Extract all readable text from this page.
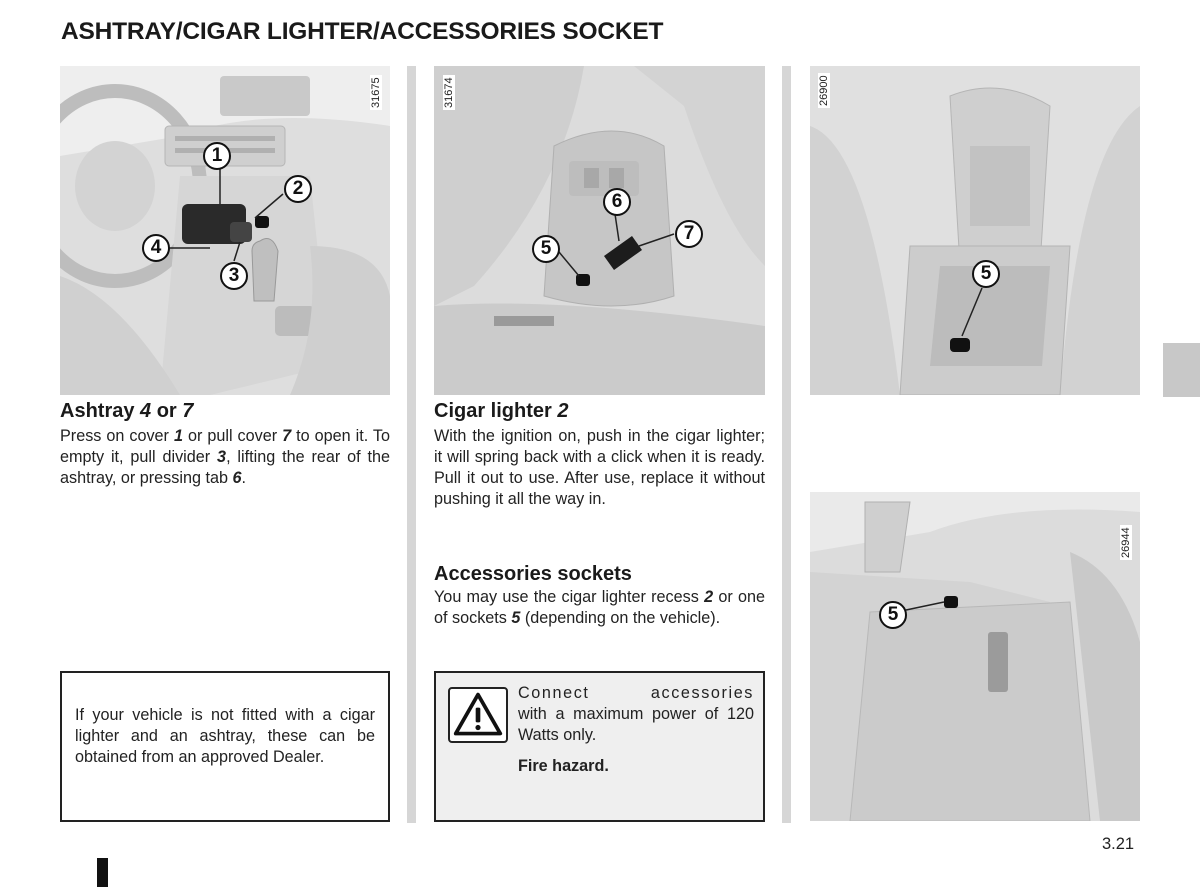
ASHTRAY/CIGAR LIGHTER/ACCESSORIES SOCKET
31675
1
2
3
4
31674
5
6
7
26900
5
26944
5
Ashtray 4 or 7
Press on cover 1 or pull cover 7 to open it. To empty it, pull divider 3, lifting the rear of the ashtray, or pressing tab 6.
Cigar lighter 2
With the ignition on, push in the cigar lighter; it will spring back with a click when it is ready. Pull it out to use. After use, replace it without pushing it all the way in.
Accessories sockets
You may use the cigar lighter recess 2 or one of sockets 5 (depending on the vehicle).
If your vehicle is not fitted with a cigar lighter and an ashtray, these can be obtained from an approved Dealer.
Connect accessories
with a maximum power of 120 Watts only.
Fire hazard.
3.21
